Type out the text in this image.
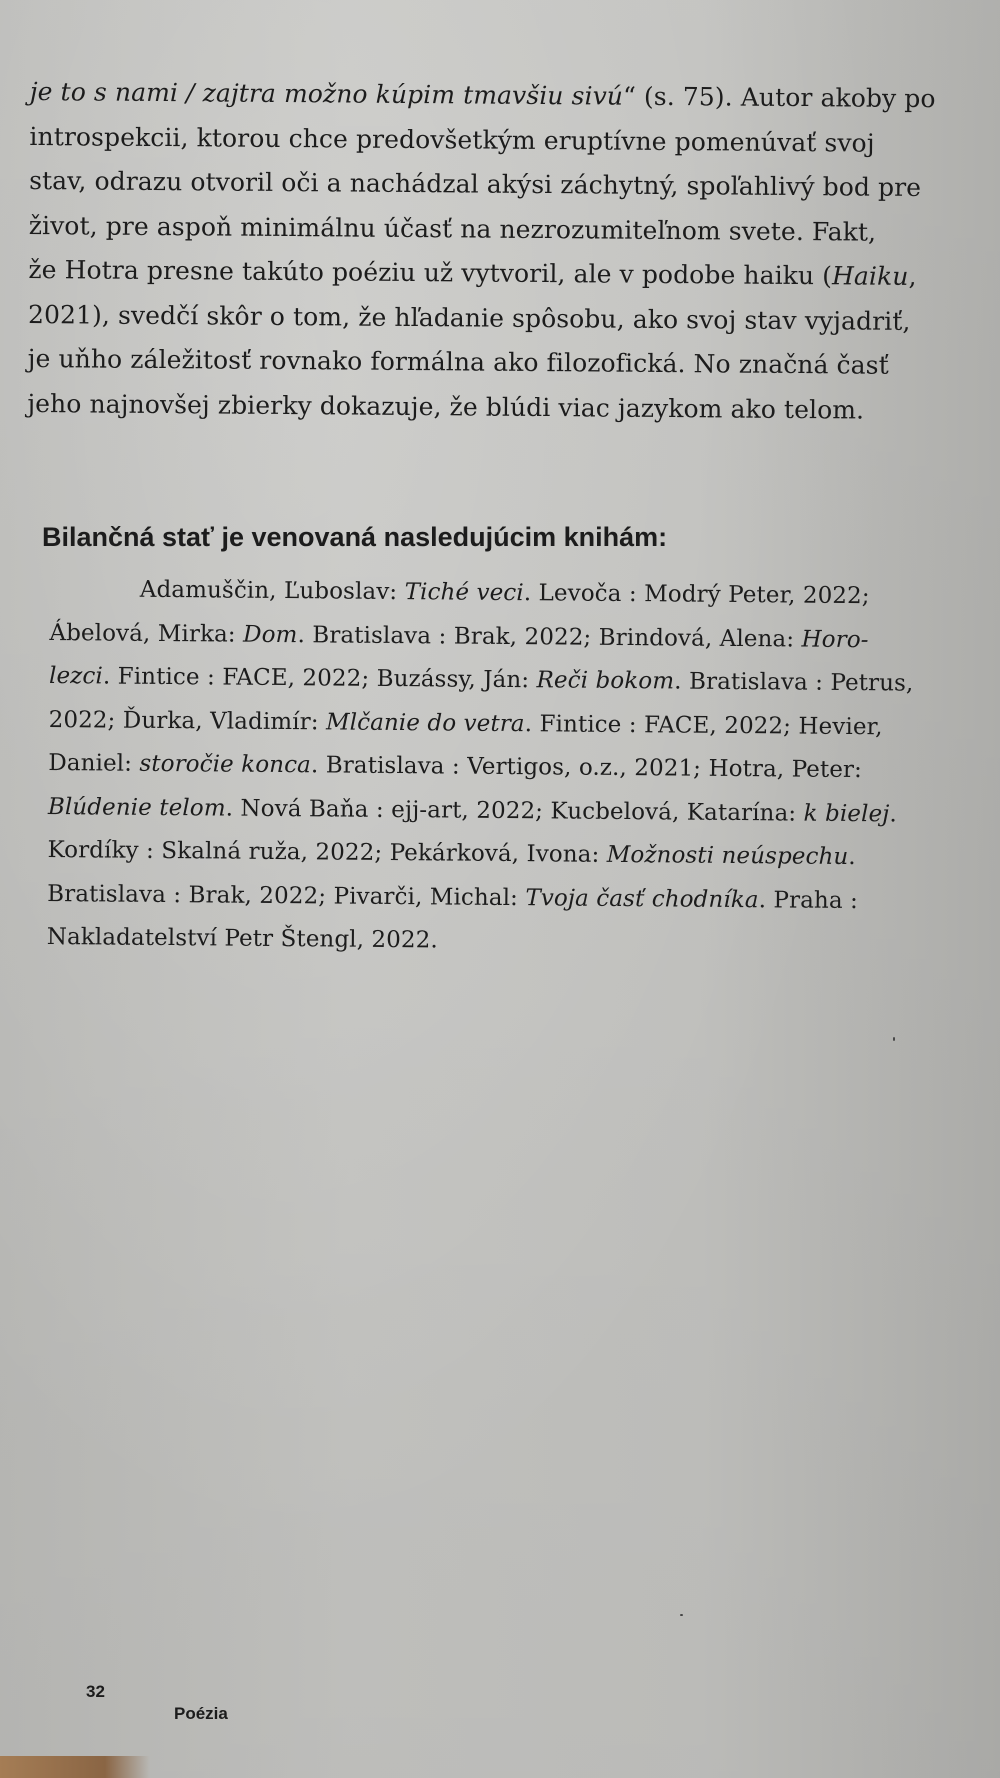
je to s nami / zajtra možno kúpim tmavšiu sivú“ (s. 75). Autor akoby po
introspekcii, ktorou chce predovšetkým eruptívne pomenúvať svoj
stav, odrazu otvoril oči a nachádzal akýsi záchytný, spoľahlivý bod pre
život, pre aspoň minimálnu účasť na nezrozumiteľnom svete. Fakt,
že Hotra presne takúto poéziu už vytvoril, ale v podobe haiku (Haiku,
2021), svedčí skôr o tom, že hľadanie spôsobu, ako svoj stav vyjadriť,
je uňho záležitosť rovnako formálna ako filozofická. No značná časť
jeho najnovšej zbierky dokazuje, že blúdi viac jazykom ako telom.
Bilančná stať je venovaná nasledujúcim knihám:
Adamuščin, Ľuboslav: Tiché veci. Levoča : Modrý Peter, 2022;
Ábelová, Mirka: Dom. Bratislava : Brak, 2022; Brindová, Alena: Horo-
lezci. Fintice : FACE, 2022; Buzássy, Ján: Reči bokom. Bratislava : Petrus,
2022; Ďurka, Vladimír: Mlčanie do vetra. Fintice : FACE, 2022; Hevier,
Daniel: storočie konca. Bratislava : Vertigos, o.z., 2021; Hotra, Peter:
Blúdenie telom. Nová Baňa : ejj-art, 2022; Kucbelová, Katarína: k bielej.
Kordíky : Skalná ruža, 2022; Pekárková, Ivona: Možnosti neúspechu.
Bratislava : Brak, 2022; Pivarči, Michal: Tvoja časť chodníka. Praha :
Nakladatelství Petr Štengl, 2022.
32
Poézia
